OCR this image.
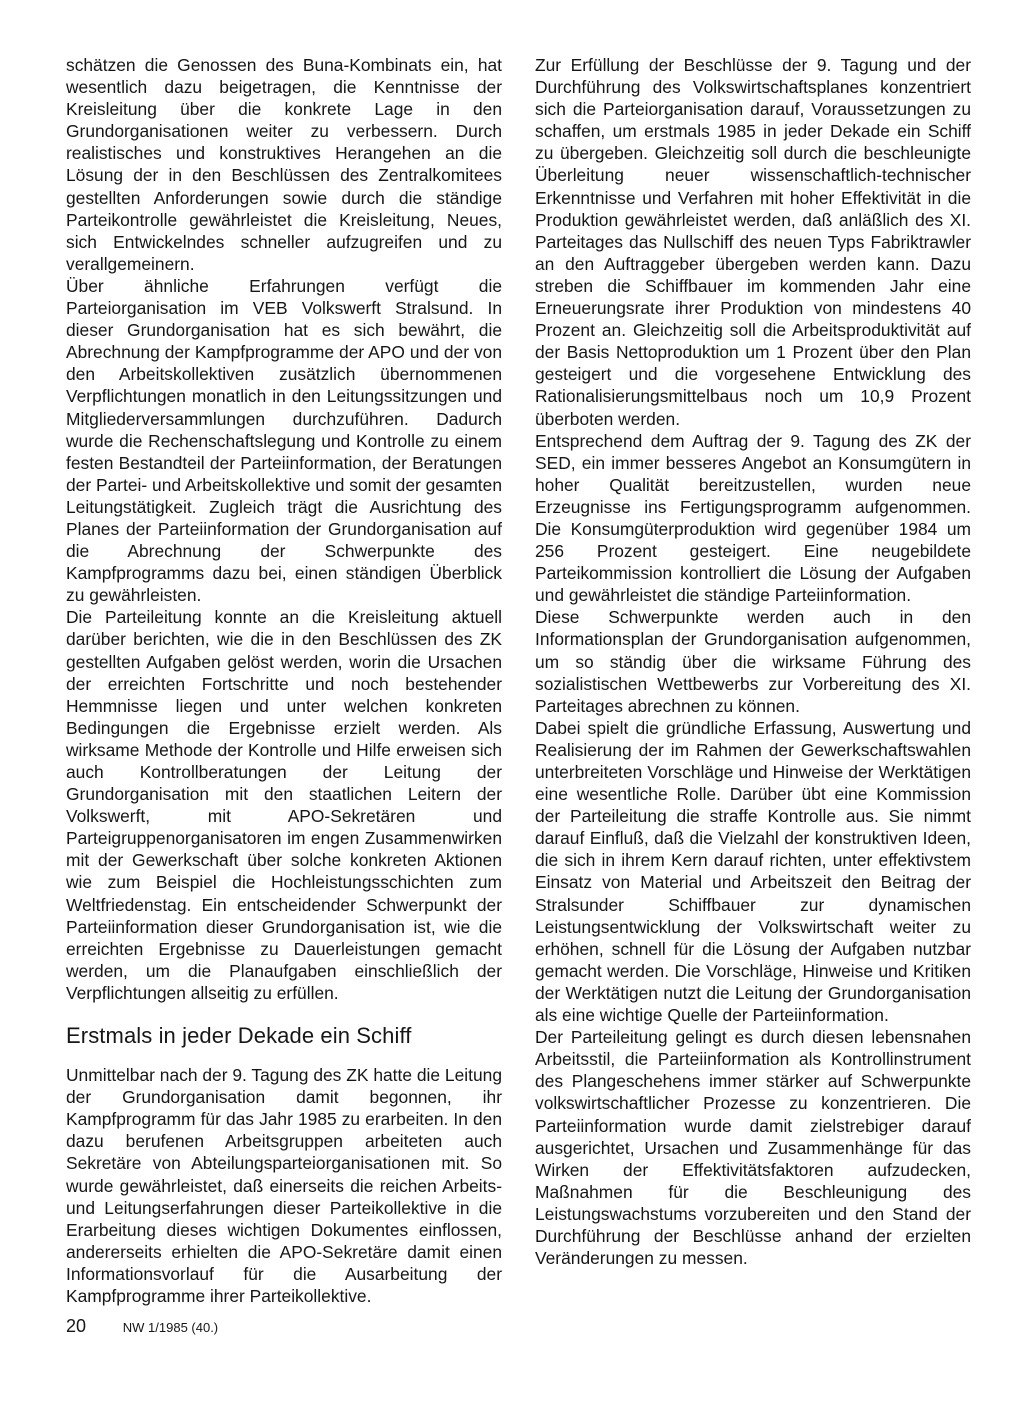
schätzen die Genossen des Buna-Kombinats ein, hat wesentlich dazu beigetragen, die Kenntnisse der Kreisleitung über die konkrete Lage in den Grundorganisationen weiter zu verbessern. Durch realistisches und konstruktives Herangehen an die Lösung der in den Beschlüssen des Zentralkomitees gestellten Anforderungen sowie durch die ständige Parteikontrolle gewährleistet die Kreisleitung, Neues, sich Entwickelndes schneller aufzugreifen und zu verallgemeinern.

Über ähnliche Erfahrungen verfügt die Parteiorganisation im VEB Volkswerft Stralsund. In dieser Grundorganisation hat es sich bewährt, die Abrechnung der Kampfprogramme der APO und der von den Arbeitskollektiven zusätzlich übernommenen Verpflichtungen monatlich in den Leitungssitzungen und Mitgliederversammlungen durchzuführen. Dadurch wurde die Rechenschaftslegung und Kontrolle zu einem festen Bestandteil der Parteiinformation, der Beratungen der Partei- und Arbeitskollektive und somit der gesamten Leitungstätigkeit. Zugleich trägt die Ausrichtung des Planes der Parteiinformation der Grundorganisation auf die Abrechnung der Schwerpunkte des Kampfprogramms dazu bei, einen ständigen Überblick zu gewährleisten.

Die Parteileitung konnte an die Kreisleitung aktuell darüber berichten, wie die in den Beschlüssen des ZK gestellten Aufgaben gelöst werden, worin die Ursachen der erreichten Fortschritte und noch bestehender Hemmnisse liegen und unter welchen konkreten Bedingungen die Ergebnisse erzielt werden. Als wirksame Methode der Kontrolle und Hilfe erweisen sich auch Kontrollberatungen der Leitung der Grundorganisation mit den staatlichen Leitern der Volkswerft, mit APO-Sekretären und Parteigruppenorganisatoren im engen Zusammenwirken mit der Gewerkschaft über solche konkreten Aktionen wie zum Beispiel die Hochleistungsschichten zum Weltfriedenstag. Ein entscheidender Schwerpunkt der Parteiinformation dieser Grundorganisation ist, wie die erreichten Ergebnisse zu Dauerleistungen gemacht werden, um die Planaufgaben einschließlich der Verpflichtungen allseitig zu erfüllen.

Erstmals in jeder Dekade ein Schiff

Unmittelbar nach der 9. Tagung des ZK hatte die Leitung der Grundorganisation damit begonnen, ihr Kampfprogramm für das Jahr 1985 zu erarbeiten. In den dazu berufenen Arbeitsgruppen arbeiteten auch Sekretäre von Abteilungsparteiorganisationen mit. So wurde gewährleistet, daß einerseits die reichen Arbeits- und Leitungserfahrungen dieser Parteikollektive in die Erarbeitung dieses wichtigen Dokumentes einflossen, andererseits erhielten die APO-Sekretäre damit einen Informationsvorlauf für die Ausarbeitung der Kampfprogramme ihrer Parteikollektive.

Zur Erfüllung der Beschlüsse der 9. Tagung und der Durchführung des Volkswirtschaftsplanes konzentriert sich die Parteiorganisation darauf, Voraussetzungen zu schaffen, um erstmals 1985 in jeder Dekade ein Schiff zu übergeben. Gleichzeitig soll durch die beschleunigte Überleitung neuer wissenschaftlich-technischer Erkenntnisse und Verfahren mit hoher Effektivität in die Produktion gewährleistet werden, daß anläßlich des XI. Parteitages das Nullschiff des neuen Typs Fabriktrawler an den Auftraggeber übergeben werden kann. Dazu streben die Schiffbauer im kommenden Jahr eine Erneuerungsrate ihrer Produktion von mindestens 40 Prozent an. Gleichzeitig soll die Arbeitsproduktivität auf der Basis Nettoproduktion um 1 Prozent über den Plan gesteigert und die vorgesehene Entwicklung des Rationalisierungsmittelbaus noch um 10,9 Prozent überboten werden.

Entsprechend dem Auftrag der 9. Tagung des ZK der SED, ein immer besseres Angebot an Konsumgütern in hoher Qualität bereitzustellen, wurden neue Erzeugnisse ins Fertigungsprogramm aufgenommen. Die Konsumgüterproduktion wird gegenüber 1984 um 256 Prozent gesteigert. Eine neugebildete Parteikommission kontrolliert die Lösung der Aufgaben und gewährleistet die ständige Parteiinformation.

Diese Schwerpunkte werden auch in den Informationsplan der Grundorganisation aufgenommen, um so ständig über die wirksame Führung des sozialistischen Wettbewerbs zur Vorbereitung des XI. Parteitages abrechnen zu können.

Dabei spielt die gründliche Erfassung, Auswertung und Realisierung der im Rahmen der Gewerkschaftswahlen unterbreiteten Vorschläge und Hinweise der Werktätigen eine wesentliche Rolle. Darüber übt eine Kommission der Parteileitung die straffe Kontrolle aus. Sie nimmt darauf Einfluß, daß die Vielzahl der konstruktiven Ideen, die sich in ihrem Kern darauf richten, unter effektivstem Einsatz von Material und Arbeitszeit den Beitrag der Stralsunder Schiffbauer zur dynamischen Leistungsentwicklung der Volkswirtschaft weiter zu erhöhen, schnell für die Lösung der Aufgaben nutzbar gemacht werden. Die Vorschläge, Hinweise und Kritiken der Werktätigen nutzt die Leitung der Grundorganisation als eine wichtige Quelle der Parteiinformation.

Der Parteileitung gelingt es durch diesen lebensnahen Arbeitsstil, die Parteiinformation als Kontrollinstrument des Plangeschehens immer stärker auf Schwerpunkte volkswirtschaftlicher Prozesse zu konzentrieren. Die Parteiinformation wurde damit zielstrebiger darauf ausgerichtet, Ursachen und Zusammenhänge für das Wirken der Effektivitätsfaktoren aufzudecken, Maßnahmen für die Beschleunigung des Leistungswachstums vorzubereiten und den Stand der Durchführung der Beschlüsse anhand der erzielten Veränderungen zu messen.

20	NW 1/1985 (40.)
